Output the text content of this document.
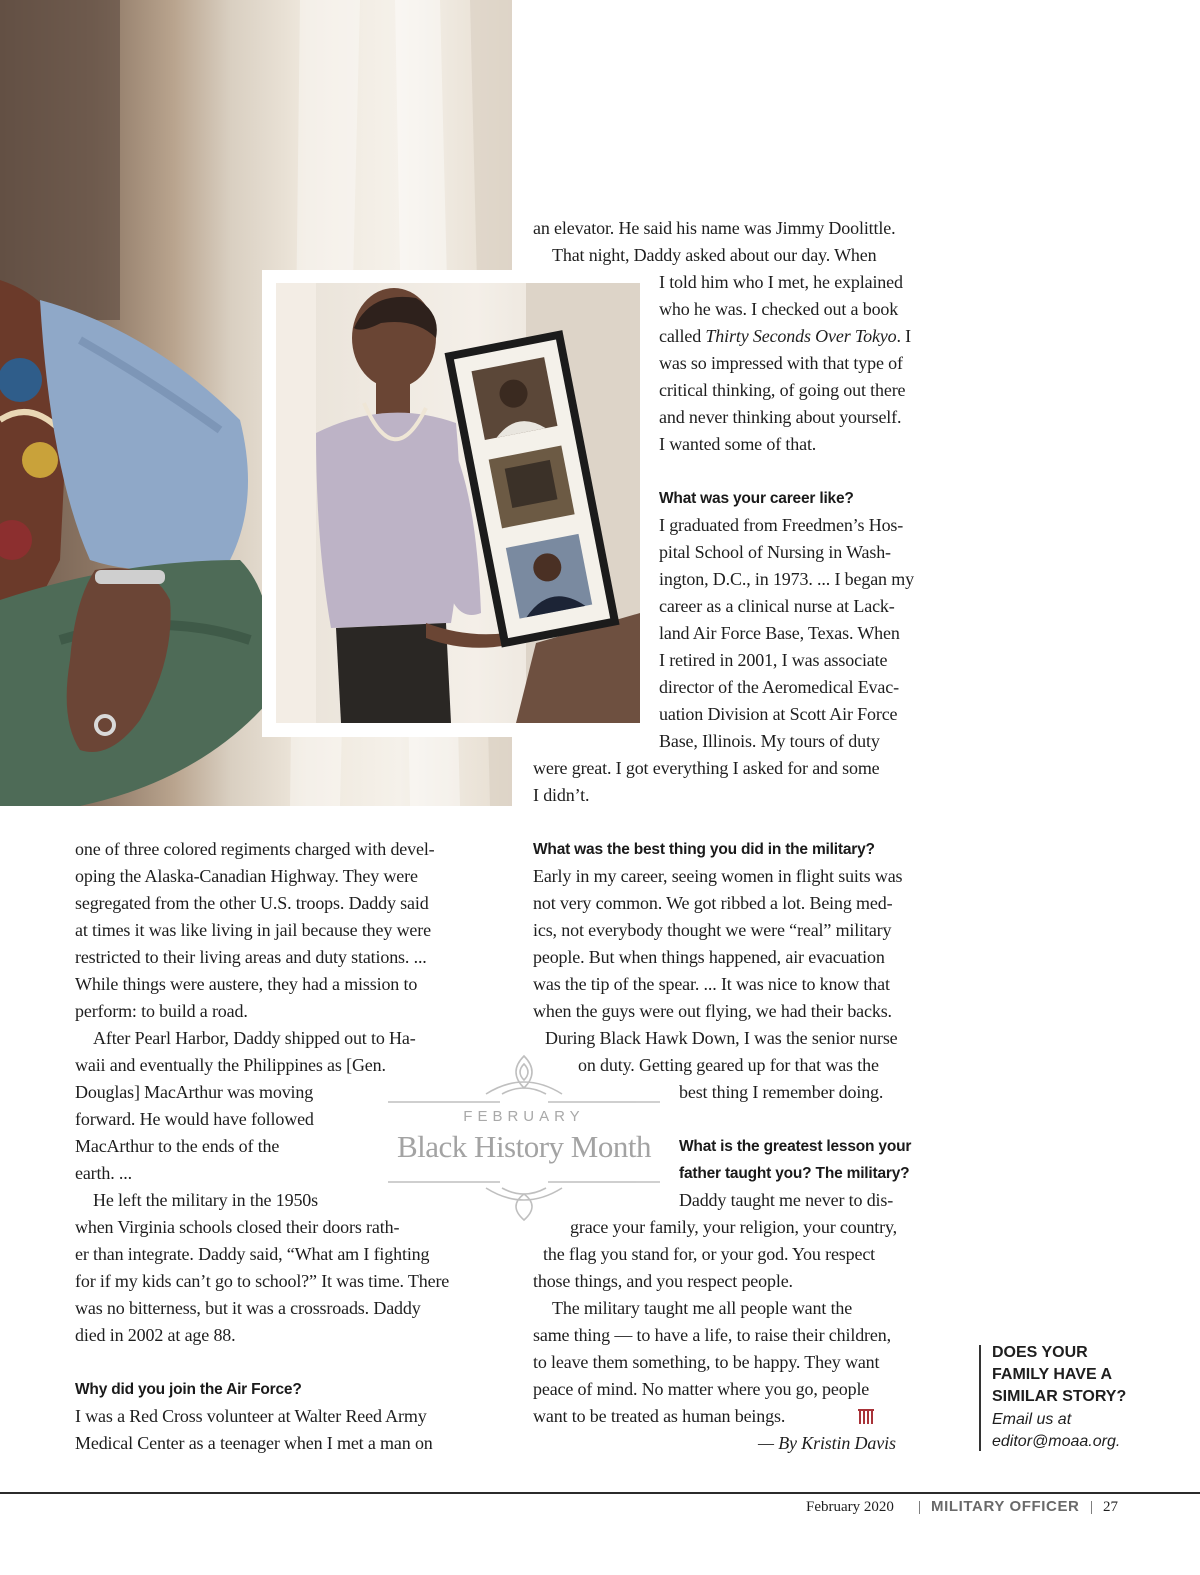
an elevator. He said his name was Jimmy Doolittle.

That night, Daddy asked about our day. When

I told him who I met, he explained

who he was. I checked out a book

called Thirty Seconds Over Tokyo. I

was so impressed with that type of

critical thinking, of going out there

and never thinking about yourself.

I wanted some of that.

What was your career like?

I graduated from Freedmen’s Hos-

pital School of Nursing in Wash-

ington, D.C., in 1973. ... I began my

career as a clinical nurse at Lack-

land Air Force Base, Texas. When

I retired in 2001, I was associate

director of the Aeromedical Evac-

uation Division at Scott Air Force

Base, Illinois. My tours of duty

were great. I got everything I asked for and some

I didn’t.

What was the best thing you did in the military?

Early in my career, seeing women in flight suits was

not very common. We got ribbed a lot. Being med-

ics, not everybody thought we were “real” military

people. But when things happened, air evacuation

was the tip of the spear. ... It was nice to know that

when the guys were out flying, we had their backs.

During Black Hawk Down, I was the senior nurse

on duty. Getting geared up for that was the

best thing I remember doing.

What is the greatest lesson your

father taught you? The military?

Daddy taught me never to dis-

grace your family, your religion, your country,

the flag you stand for, or your god. You respect

those things, and you respect people.

The military taught me all people want the

same thing — to have a life, to raise their children,

to leave them something, to be happy. They want

peace of mind. No matter where you go, people

want to be treated as human beings.

— By Kristin Davis

one of three colored regiments charged with devel-

oping the Alaska-Canadian Highway. They were

segregated from the other U.S. troops. Daddy said

at times it was like living in jail because they were

restricted to their living areas and duty stations. ...

While things were austere, they had a mission to

perform: to build a road.

After Pearl Harbor, Daddy shipped out to Ha-

waii and eventually the Philippines as [Gen.

Douglas] MacArthur was moving

forward. He would have followed

MacArthur to the ends of the

earth. ...

He left the military in the 1950s

when Virginia schools closed their doors rath-

er than integrate. Daddy said, “What am I fighting

for if my kids can’t go to school?” It was time. There

was no bitterness, but it was a crossroads. Daddy

died in 2002 at age 88.

Why did you join the Air Force?

I was a Red Cross volunteer at Walter Reed Army

Medical Center as a teenager when I met a man on

FEBRUARY
Black History Month
DOES YOUR
FAMILY HAVE A
SIMILAR STORY?
Email us at
editor@moaa.org.
February 2020 | MILITARY OFFICER | 27
